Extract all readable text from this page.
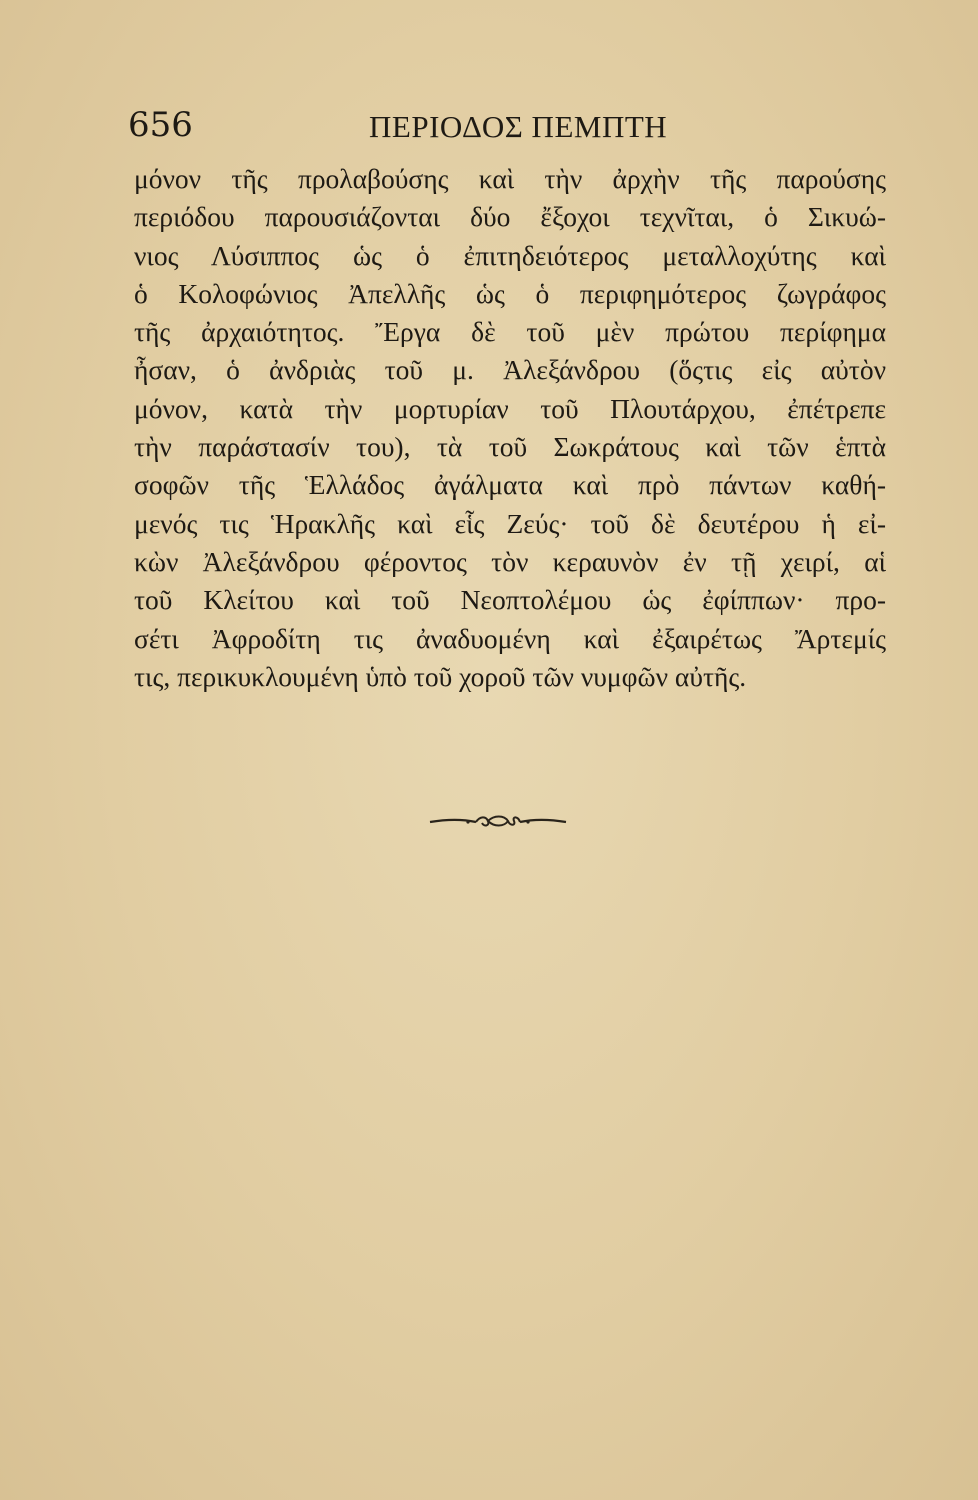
656	ΠΕΡΙΟΔΟΣ ΠΕΜΠΤΗ
μόνον τῆς προλαβούσης καὶ τὴν ἀρχὴν τῆς παρούσης
περιόδου παρουσιάζονται δύο ἔξοχοι τεχνῖται, ὁ Σικυώ-
νιος Λύσιππος ὡς ὁ ἐπιτηδειότερος μεταλλοχύτης καὶ
ὁ Κολοφώνιος Ἀπελλῆς ὡς ὁ περιφημότερος ζωγράφος
τῆς ἀρχαιότητος. Ἔργα δὲ τοῦ μὲν πρώτου περίφημα
ἦσαν, ὁ ἀνδριὰς τοῦ μ. Ἀλεξάνδρου (ὅςτις εἰς αὐτὸν
μόνον, κατὰ τὴν μορτυρίαν τοῦ Πλουτάρχου, ἐπέτρεπε
τὴν παράστασίν του), τὰ τοῦ Σωκράτους καὶ τῶν ἑπτὰ
σοφῶν τῆς Ἑλλάδος ἀγάλματα καὶ πρὸ πάντων καθή-
μενός τις Ἡρακλῆς καὶ εἷς Ζεύς· τοῦ δὲ δευτέρου ἡ εἰ-
κὼν Ἀλεξάνδρου φέροντος τὸν κεραυνὸν ἐν τῇ χειρί, αἱ
τοῦ Κλείτου καὶ τοῦ Νεοπτολέμου ὡς ἐφίππων· προ-
σέτι Ἀφροδίτη τις ἀναδυομένη καὶ ἐξαιρέτως Ἄρτεμίς
τις, περικυκλουμένη ὑπὸ τοῦ χοροῦ τῶν νυμφῶν αὐτῆς.
